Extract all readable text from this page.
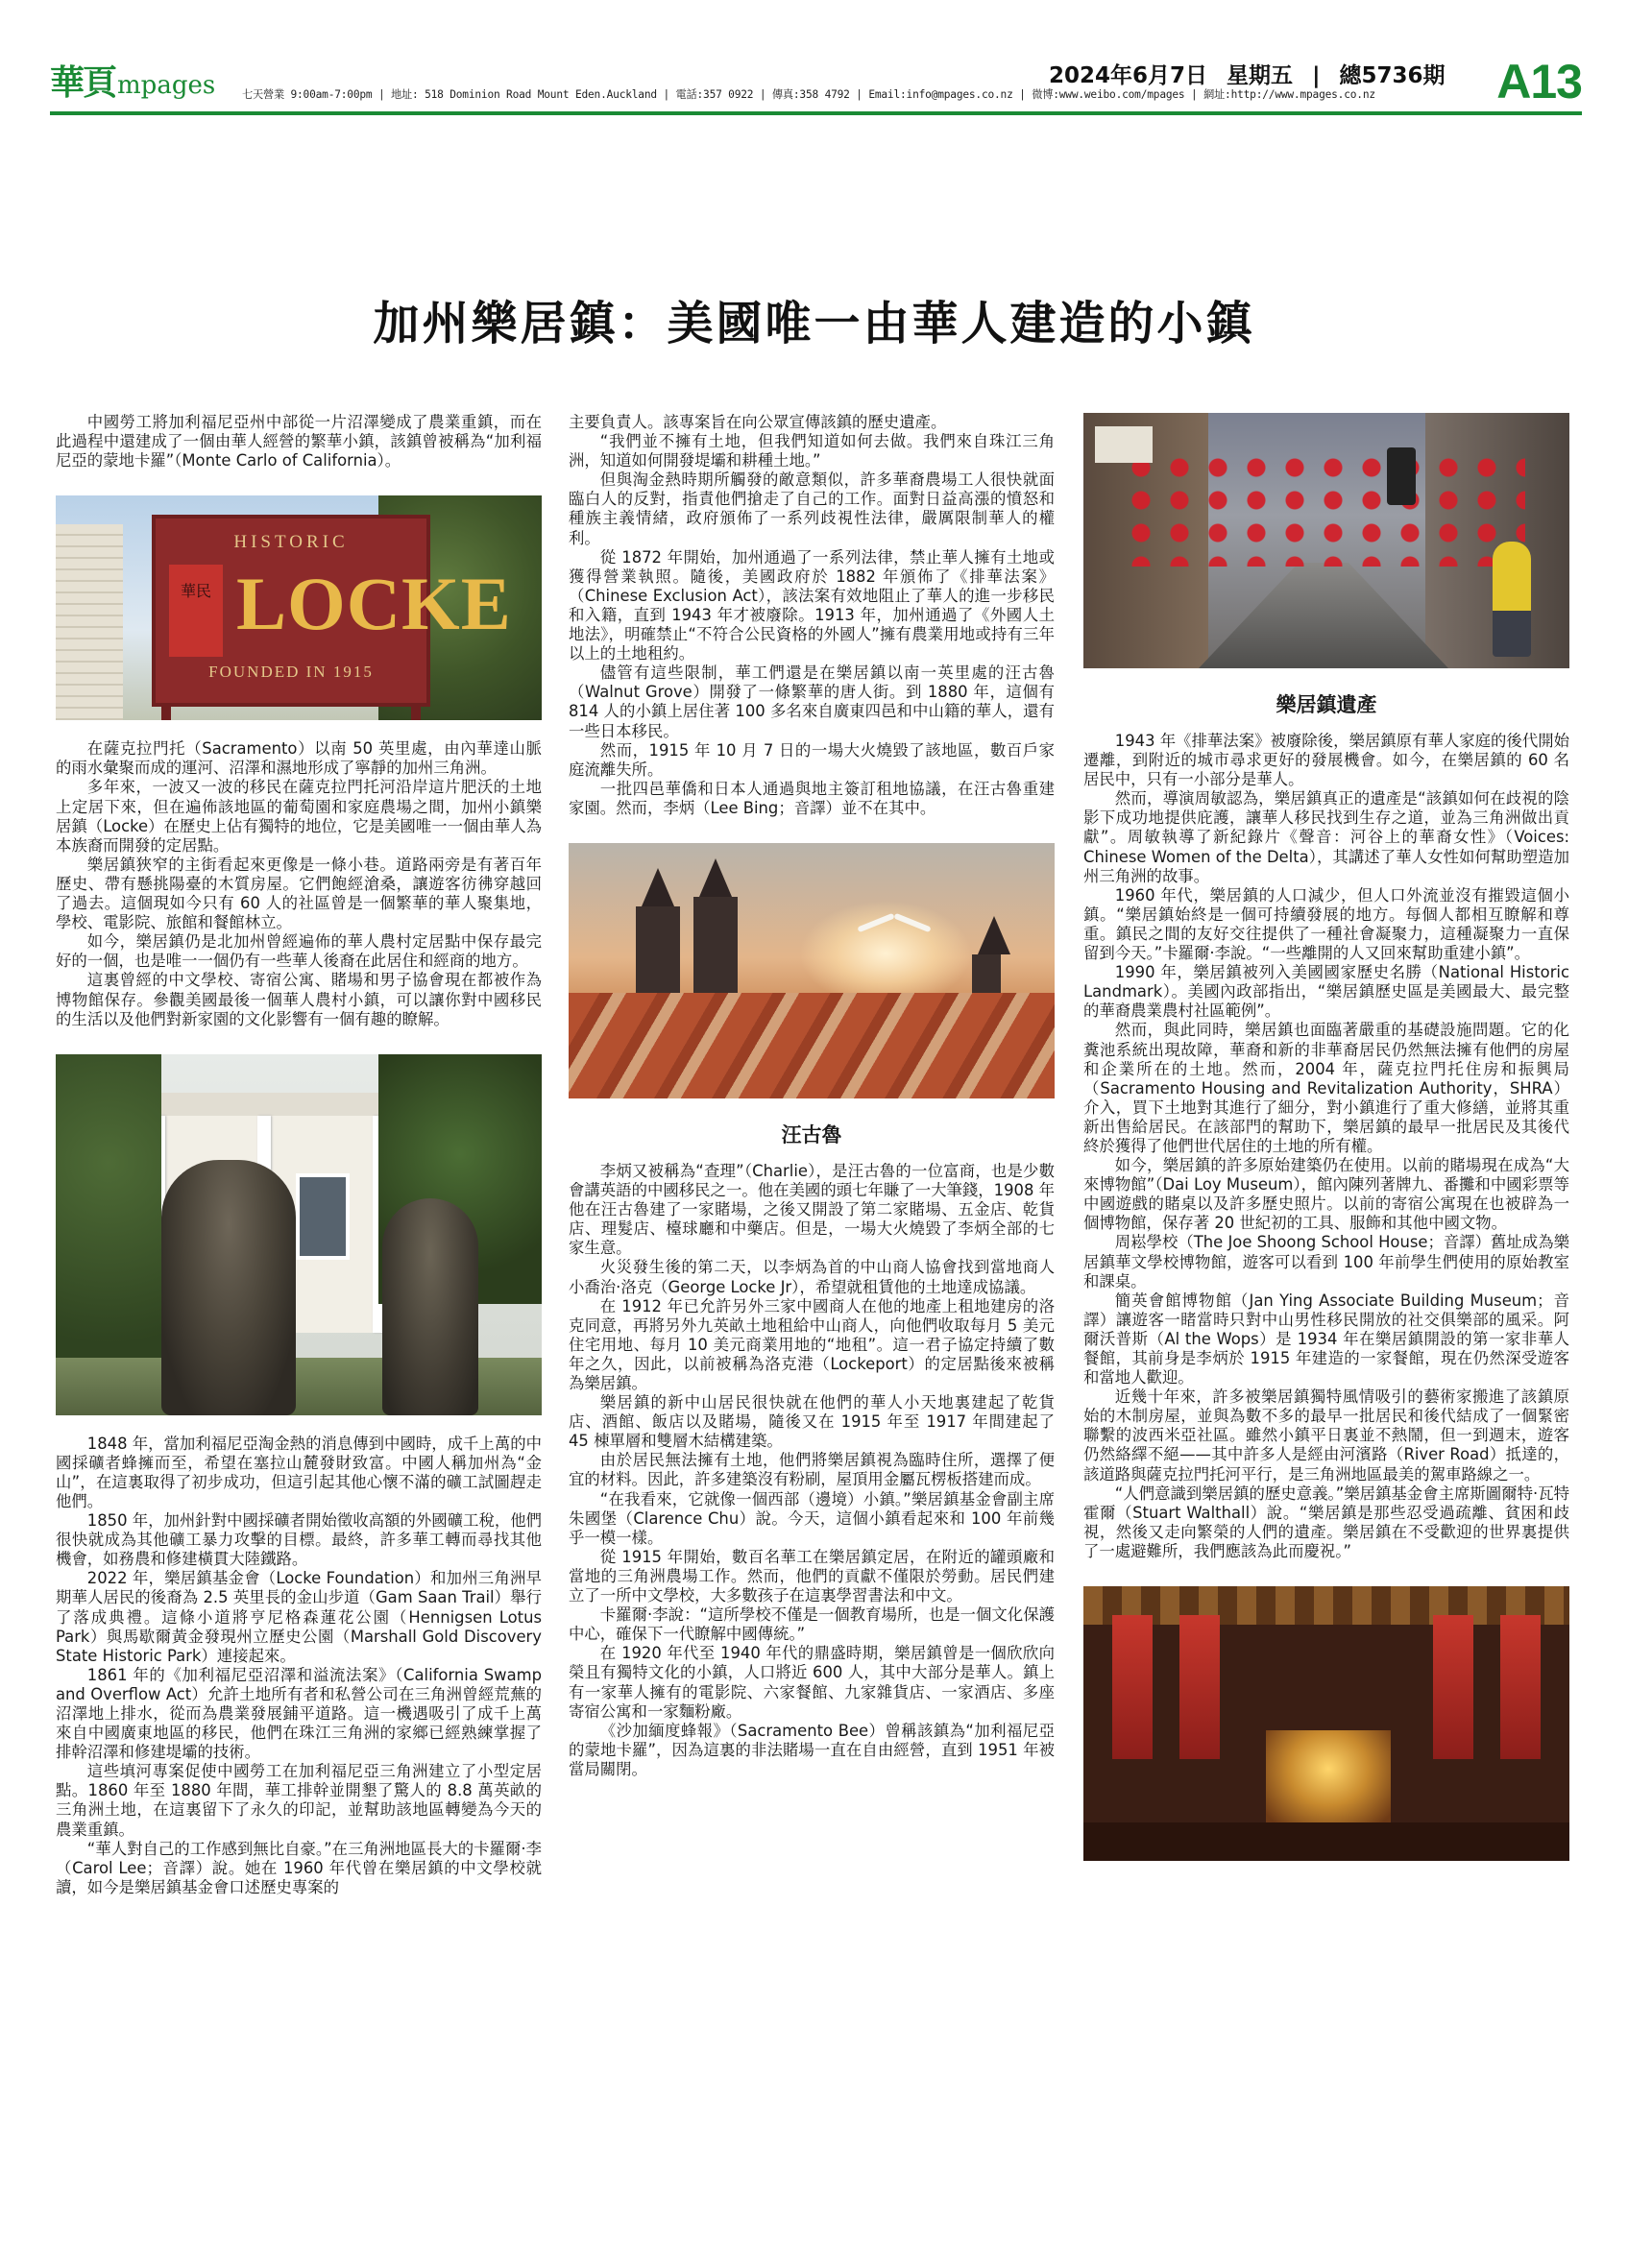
華頁 mpages 七天營業 9:00am-7:00pm | 地址: 518 Dominion Road Mount Eden.Auckland | 電話:357 0922 | 傳真:358 4792 | Email:info@mpages.co.nz | 微博:www.weibo.com/mpages | 網址:http://www.mpages.co.nz
2024年6月7日 星期五 | 總5736期 A13
加州樂居鎮：美國唯一由華人建造的小鎮

中國勞工將加利福尼亞州中部從一片沼澤變成了農業重鎮，而在此過程中還建成了一個由華人經營的繁華小鎮，該鎮曾被稱為“加利福尼亞的蒙地卡羅”（Monte Carlo of California）。

HISTORIC
華民 LOCKE
FOUNDED IN 1915

在薩克拉門托（Sacramento）以南 50 英里處，由內華達山脈的雨水彙聚而成的運河、沼澤和濕地形成了寧靜的加州三角洲。

多年來，一波又一波的移民在薩克拉門托河沿岸這片肥沃的土地上定居下來，但在遍佈該地區的葡萄園和家庭農場之間，加州小鎮樂居鎮（Locke）在歷史上佔有獨特的地位，它是美國唯一一個由華人為本族裔而開發的定居點。

樂居鎮狹窄的主街看起來更像是一條小巷。道路兩旁是有著百年歷史、帶有懸挑陽臺的木質房屋。它們飽經滄桑，讓遊客彷彿穿越回了過去。這個現如今只有 60 人的社區曾是一個繁華的華人聚集地，學校、電影院、旅館和餐館林立。

如今，樂居鎮仍是北加州曾經遍佈的華人農村定居點中保存最完好的一個，也是唯一一個仍有一些華人後裔在此居住和經商的地方。

這裏曾經的中文學校、寄宿公寓、賭場和男子協會現在都被作為博物館保存。參觀美國最後一個華人農村小鎮，可以讓你對中國移民的生活以及他們對新家園的文化影響有一個有趣的瞭解。

1848 年，當加利福尼亞淘金熱的消息傳到中國時，成千上萬的中國採礦者蜂擁而至，希望在塞拉山麓發財致富。中國人稱加州為“金山”，在這裏取得了初步成功，但這引起其他心懷不滿的礦工試圖趕走他們。

1850 年，加州針對中國採礦者開始徵收高額的外國礦工稅，他們很快就成為其他礦工暴力攻擊的目標。最終，許多華工轉而尋找其他機會，如務農和修建橫貫大陸鐵路。

2022 年，樂居鎮基金會（Locke Foundation）和加州三角洲早期華人居民的後裔為 2.5 英里長的金山步道（Gam Saan Trail）舉行了落成典禮。這條小道將亨尼格森蓮花公園（Hennigsen Lotus Park）與馬歇爾黃金發現州立歷史公園（Marshall Gold Discovery State Historic Park）連接起來。

1861 年的《加利福尼亞沼澤和溢流法案》（California Swamp and Overflow Act）允許土地所有者和私營公司在三角洲曾經荒蕪的沼澤地上排水，從而為農業發展鋪平道路。這一機遇吸引了成千上萬來自中國廣東地區的移民，他們在珠江三角洲的家鄉已經熟練掌握了排幹沼澤和修建堤壩的技術。

這些填河專案促使中國勞工在加利福尼亞三角洲建立了小型定居點。1860 年至 1880 年間，華工排幹並開墾了驚人的 8.8 萬英畝的三角洲土地，在這裏留下了永久的印記，並幫助該地區轉變為今天的農業重鎮。

“華人對自己的工作感到無比自豪。”在三角洲地區長大的卡羅爾·李（Carol Lee；音譯）說。她在 1960 年代曾在樂居鎮的中文學校就讀，如今是樂居鎮基金會口述歷史專案的

主要負責人。該專案旨在向公眾宣傳該鎮的歷史遺產。

“我們並不擁有土地，但我們知道如何去做。我們來自珠江三角洲，知道如何開發堤壩和耕種土地。”

但與淘金熱時期所觸發的敵意類似，許多華裔農場工人很快就面臨白人的反對，指責他們搶走了自己的工作。面對日益高漲的憤怒和種族主義情緒，政府頒佈了一系列歧視性法律，嚴厲限制華人的權利。

從 1872 年開始，加州通過了一系列法律，禁止華人擁有土地或獲得營業執照。隨後，美國政府於 1882 年頒佈了《排華法案》（Chinese Exclusion Act），該法案有效地阻止了華人的進一步移民和入籍，直到 1943 年才被廢除。1913 年，加州通過了《外國人土地法》，明確禁止“不符合公民資格的外國人”擁有農業用地或持有三年以上的土地租約。

儘管有這些限制，華工們還是在樂居鎮以南一英里處的汪古魯（Walnut Grove）開發了一條繁華的唐人街。到 1880 年，這個有 814 人的小鎮上居住著 100 多名來自廣東四邑和中山籍的華人，還有一些日本移民。

然而，1915 年 10 月 7 日的一場大火燒毀了該地區，數百戶家庭流離失所。

一批四邑華僑和日本人通過與地主簽訂租地協議，在汪古魯重建家園。然而，李炳（Lee Bing；音譯）並不在其中。

汪古魯

李炳又被稱為“查理”（Charlie），是汪古魯的一位富商，也是少數會講英語的中國移民之一。他在美國的頭七年賺了一大筆錢，1908 年他在汪古魯建了一家賭場，之後又開設了第二家賭場、五金店、乾貨店、理髮店、檯球廳和中藥店。但是，一場大火燒毀了李炳全部的七家生意。

火災發生後的第二天，以李炳為首的中山商人協會找到當地商人小喬治·洛克（George Locke Jr），希望就租賃他的土地達成協議。

在 1912 年已允許另外三家中國商人在他的地產上租地建房的洛克同意，再將另外九英畝土地租給中山商人，向他們收取每月 5 美元住宅用地、每月 10 美元商業用地的“地租”。這一君子協定持續了數年之久，因此，以前被稱為洛克港（Lockeport）的定居點後來被稱為樂居鎮。

樂居鎮的新中山居民很快就在他們的華人小天地裏建起了乾貨店、酒館、飯店以及賭場，隨後又在 1915 年至 1917 年間建起了 45 棟單層和雙層木結構建築。

由於居民無法擁有土地，他們將樂居鎮視為臨時住所，選擇了便宜的材料。因此，許多建築沒有粉刷，屋頂用金屬瓦楞板搭建而成。

“在我看來，它就像一個西部（邊境）小鎮。”樂居鎮基金會副主席朱國堡（Clarence Chu）說。今天，這個小鎮看起來和 100 年前幾乎一模一樣。

從 1915 年開始，數百名華工在樂居鎮定居，在附近的罐頭廠和當地的三角洲農場工作。然而，他們的貢獻不僅限於勞動。居民們建立了一所中文學校，大多數孩子在這裏學習書法和中文。

卡羅爾·李說：“這所學校不僅是一個教育場所，也是一個文化保護中心，確保下一代瞭解中國傳統。”

在 1920 年代至 1940 年代的鼎盛時期，樂居鎮曾是一個欣欣向榮且有獨特文化的小鎮，人口將近 600 人，其中大部分是華人。鎮上有一家華人擁有的電影院、六家餐館、九家雜貨店、一家酒店、多座寄宿公寓和一家麵粉廠。

《沙加緬度蜂報》（Sacramento Bee）曾稱該鎮為“加利福尼亞的蒙地卡羅”，因為這裏的非法賭場一直在自由經營，直到 1951 年被當局關閉。

樂居鎮遺產

1943 年《排華法案》被廢除後，樂居鎮原有華人家庭的後代開始遷離，到附近的城市尋求更好的發展機會。如今，在樂居鎮的 60 名居民中，只有一小部分是華人。

然而，導演周敏認為，樂居鎮真正的遺產是“該鎮如何在歧視的陰影下成功地提供庇護，讓華人移民找到生存之道，並為三角洲做出貢獻”。周敏執導了新紀錄片《聲音：河谷上的華裔女性》（Voices: Chinese Women of the Delta），其講述了華人女性如何幫助塑造加州三角洲的故事。

1960 年代，樂居鎮的人口減少，但人口外流並沒有摧毀這個小鎮。“樂居鎮始終是一個可持續發展的地方。每個人都相互瞭解和尊重。鎮民之間的友好交往提供了一種社會凝聚力，這種凝聚力一直保留到今天。”卡羅爾·李說。“一些離開的人又回來幫助重建小鎮”。

1990 年，樂居鎮被列入美國國家歷史名勝（National Historic Landmark）。美國內政部指出，“樂居鎮歷史區是美國最大、最完整的華裔農業農村社區範例”。

然而，與此同時，樂居鎮也面臨著嚴重的基礎設施問題。它的化糞池系統出現故障，華裔和新的非華裔居民仍然無法擁有他們的房屋和企業所在的土地。然而，2004 年，薩克拉門托住房和振興局（Sacramento Housing and Revitalization Authority，SHRA）介入，買下土地對其進行了細分，對小鎮進行了重大修繕，並將其重新出售給居民。在該部門的幫助下，樂居鎮的最早一批居民及其後代終於獲得了他們世代居住的土地的所有權。

如今，樂居鎮的許多原始建築仍在使用。以前的賭場現在成為“大來博物館”（Dai Loy Museum），館內陳列著牌九、番攤和中國彩票等中國遊戲的賭桌以及許多歷史照片。以前的寄宿公寓現在也被辟為一個博物館，保存著 20 世紀初的工具、服飾和其他中國文物。

周崧學校（The Joe Shoong School House；音譯）舊址成為樂居鎮華文學校博物館，遊客可以看到 100 年前學生們使用的原始教室和課桌。

簡英會館博物館（Jan Ying Associate Building Museum；音譯）讓遊客一睹當時只對中山男性移民開放的社交俱樂部的風采。阿爾沃普斯（Al the Wops）是 1934 年在樂居鎮開設的第一家非華人餐館，其前身是李炳於 1915 年建造的一家餐館，現在仍然深受遊客和當地人歡迎。

近幾十年來，許多被樂居鎮獨特風情吸引的藝術家搬進了該鎮原始的木制房屋，並與為數不多的最早一批居民和後代結成了一個緊密聯繫的波西米亞社區。雖然小鎮平日裏並不熱鬧，但一到週末，遊客仍然絡繹不絕——其中許多人是經由河濱路（River Road）抵達的，該道路與薩克拉門托河平行，是三角洲地區最美的駕車路線之一。

“人們意識到樂居鎮的歷史意義。”樂居鎮基金會主席斯圖爾特·瓦特霍爾（Stuart Walthall）說。“樂居鎮是那些忍受過疏離、貧困和歧視，然後又走向繁榮的人們的遺產。樂居鎮在不受歡迎的世界裏提供了一處避難所，我們應該為此而慶祝。”
